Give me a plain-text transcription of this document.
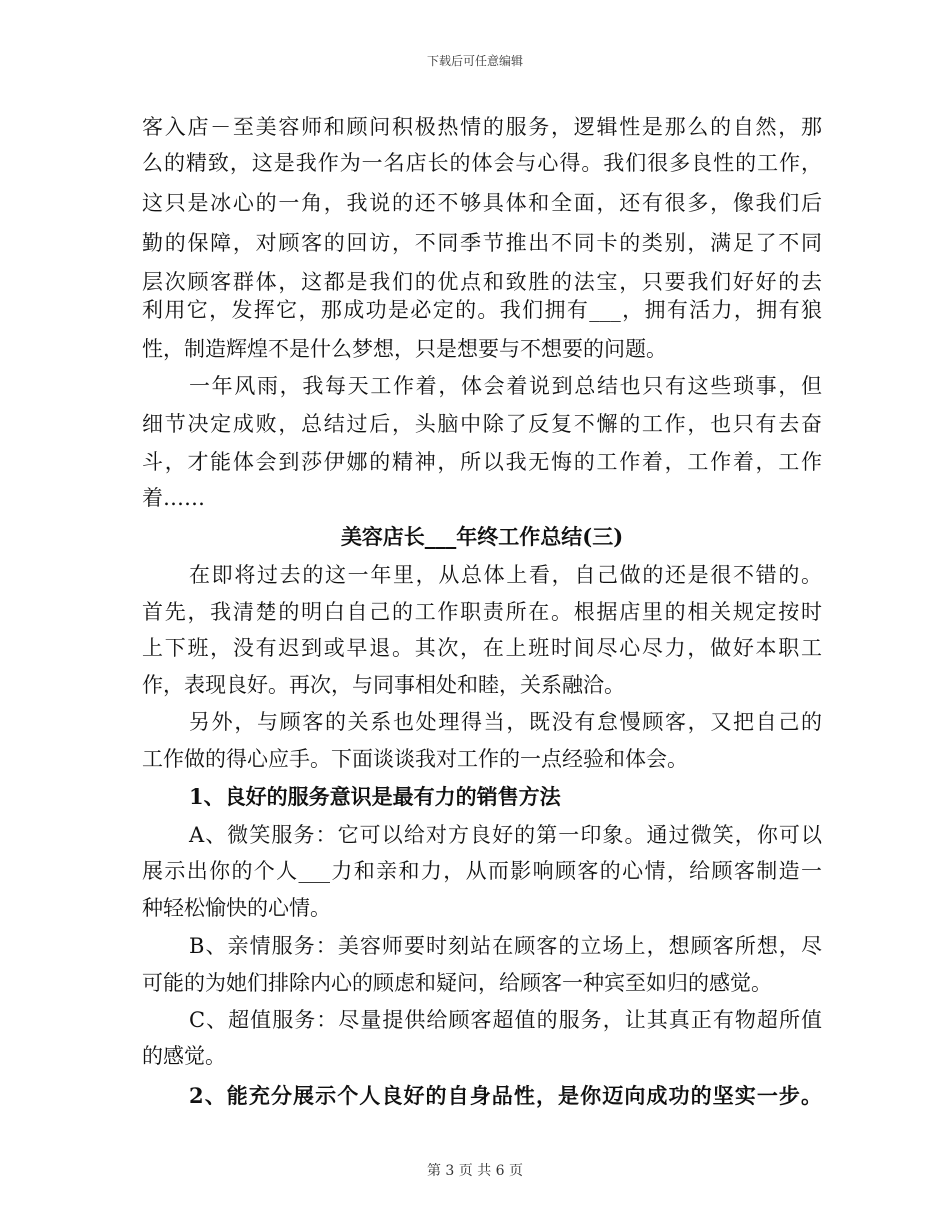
下载后可任意编辑
客入店－至美容师和顾问积极热情的服务，逻辑性是那么的自然，那
么的精致，这是我作为一名店长的体会与心得。我们很多良性的工作，
这只是冰心的一角，我说的还不够具体和全面，还有很多，像我们后
勤的保障，对顾客的回访，不同季节推出不同卡的类别，满足了不同
层次顾客群体，这都是我们的优点和致胜的法宝，只要我们好好的去
利用它，发挥它，那成功是必定的。我们拥有___，拥有活力，拥有狼
性，制造辉煌不是什么梦想，只是想要与不想要的问题。
一年风雨，我每天工作着，体会着说到总结也只有这些琐事，但
细节决定成败，总结过后，头脑中除了反复不懈的工作，也只有去奋
斗，才能体会到莎伊娜的精神，所以我无悔的工作着，工作着，工作
着……
美容店长___年终工作总结(三)
在即将过去的这一年里，从总体上看，自己做的还是很不错的。
首先，我清楚的明白自己的工作职责所在。根据店里的相关规定按时
上下班，没有迟到或早退。其次，在上班时间尽心尽力，做好本职工
作，表现良好。再次，与同事相处和睦，关系融洽。
另外，与顾客的关系也处理得当，既没有怠慢顾客，又把自己的
工作做的得心应手。下面谈谈我对工作的一点经验和体会。
1、良好的服务意识是最有力的销售方法
A、微笑服务：它可以给对方良好的第一印象。通过微笑，你可以
展示出你的个人___力和亲和力，从而影响顾客的心情，给顾客制造一
种轻松愉快的心情。
B、亲情服务：美容师要时刻站在顾客的立场上，想顾客所想，尽
可能的为她们排除内心的顾虑和疑问，给顾客一种宾至如归的感觉。
C、超值服务：尽量提供给顾客超值的服务，让其真正有物超所值
的感觉。
2、能充分展示个人良好的自身品性，是你迈向成功的坚实一步。
第 3 页 共 6 页
